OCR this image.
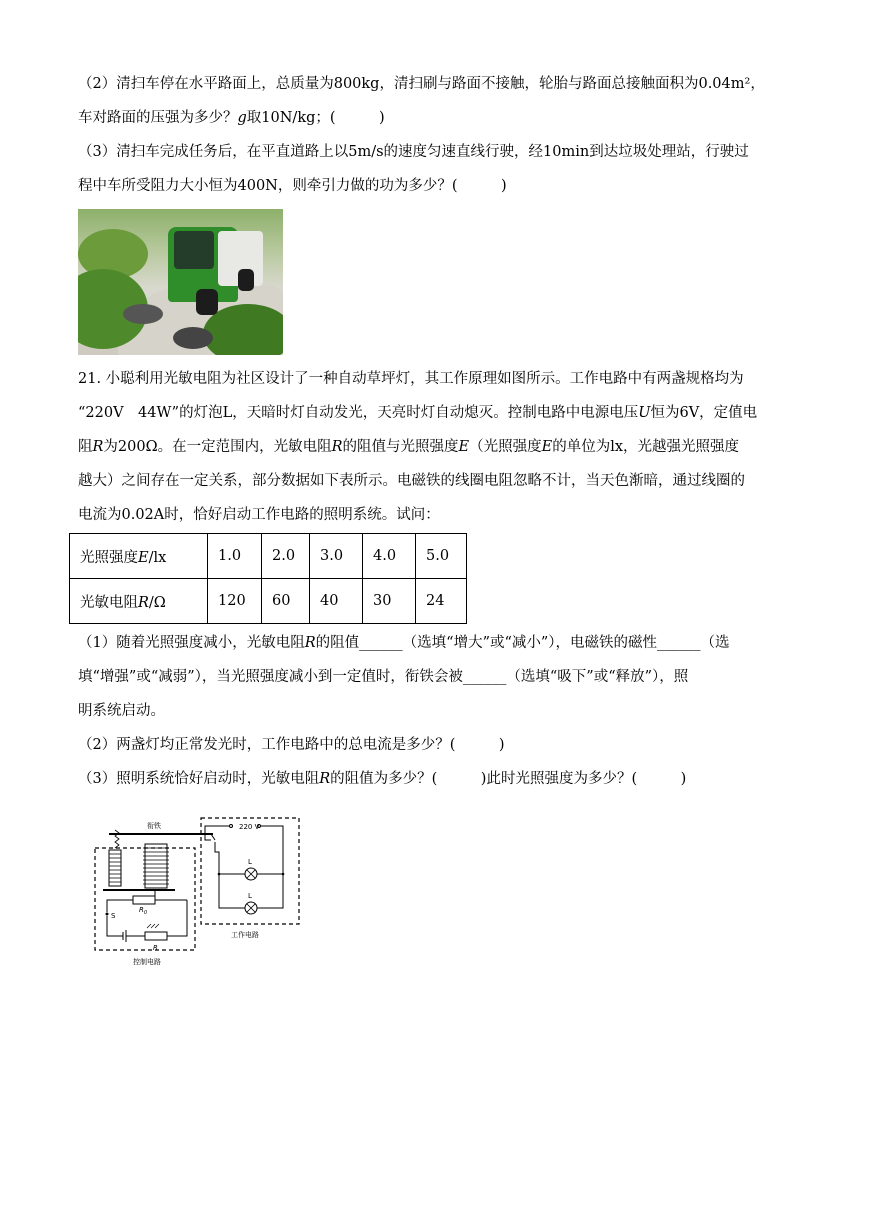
（2）清扫车停在水平路面上，总质量为800kg，清扫刷与路面不接触，轮胎与路面总接触面积为0.04m²，
车对路面的压强为多少？g取10N/kg；(　　　)
（3）清扫车完成任务后，在平直道路上以5m/s的速度匀速直线行驶，经10min到达垃圾处理站，行驶过
程中车所受阻力大小恒为400N，则牵引力做的功为多少？(　　　)
21. 小聪利用光敏电阻为社区设计了一种自动草坪灯，其工作原理如图所示。工作电路中有两盏规格均为
“220V　44W”的灯泡L，天暗时灯自动发光，天亮时灯自动熄灭。控制电路中电源电压U恒为6V，定值电
阻R为200Ω。在一定范围内，光敏电阻R的阻值与光照强度E（光照强度E的单位为lx，光越强光照强度
越大）之间存在一定关系，部分数据如下表所示。电磁铁的线圈电阻忽略不计，当天色渐暗，通过线圈的
电流为0.02A时，恰好启动工作电路的照明系统。试问：
光照强度E/lx	1.0	2.0	3.0	4.0	5.0
光敏电阻R/Ω	120	60	40	30	24
（1）随着光照强度减小，光敏电阻R的阻值______（选填“增大”或“减小”），电磁铁的磁性______（选
填“增强”或“减弱”），当光照强度减小到一定值时，衔铁会被______（选填“吸下”或“释放”），照
明系统启动。
（2）两盏灯均正常发光时，工作电路中的总电流是多少？(　　　)
（3）照明系统恰好启动时，光敏电阻R的阻值为多少？(　　　)此时光照强度为多少？(　　　)
衔铁
S
$R_0$
R
控制电路
220 V
L
L
工作电路
